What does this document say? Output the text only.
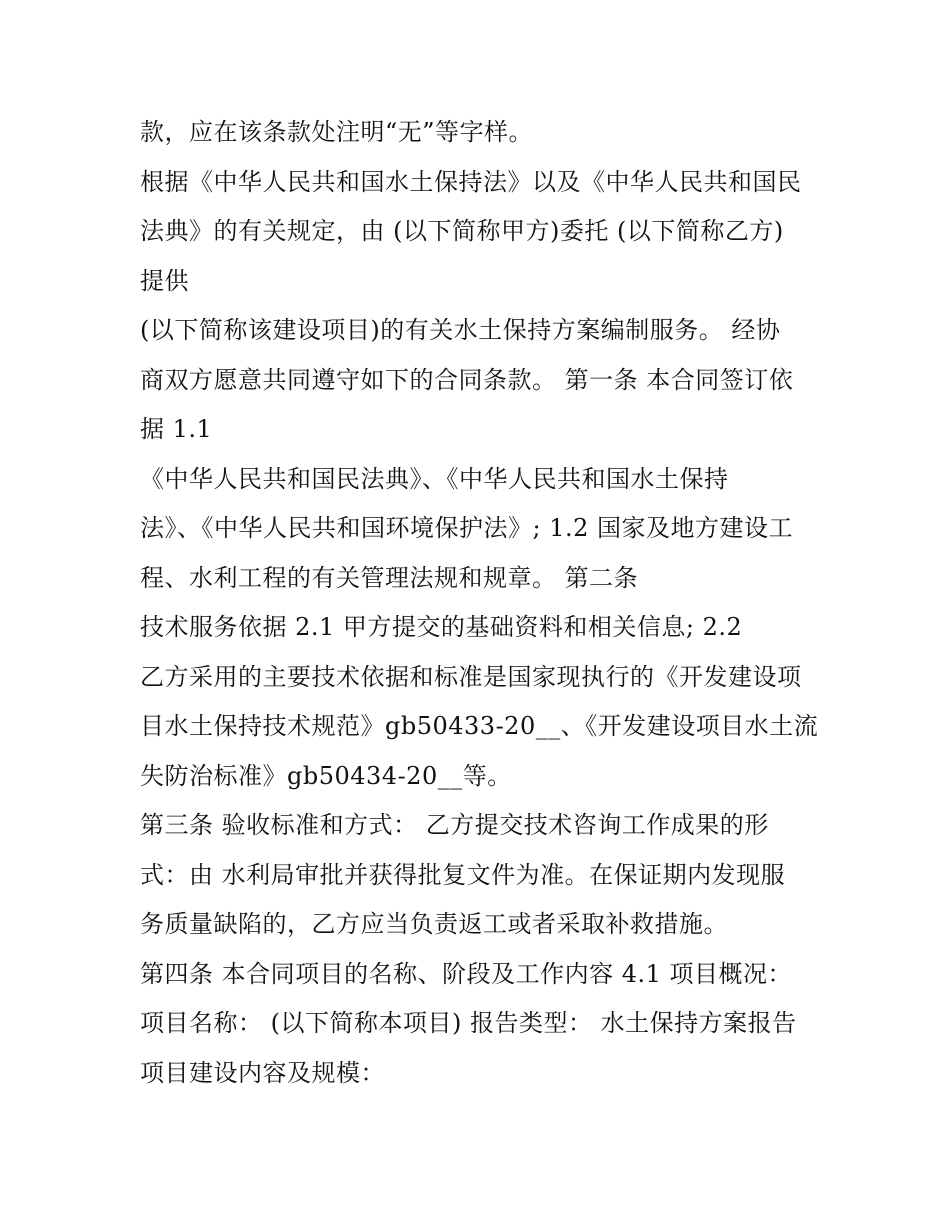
款，应在该条款处注明“无”等字样。
根据《中华人民共和国水土保持法》以及《中华人民共和国民
法典》的有关规定，由 (以下简称甲方)委托 (以下简称乙方)
提供
(以下简称该建设项目)的有关水土保持方案编制服务。 经协
商双方愿意共同遵守如下的合同条款。 第一条 本合同签订依
据 1.1
《中华人民共和国民法典》、《中华人民共和国水土保持
法》、《中华人民共和国环境保护法》; 1.2 国家及地方建设工
程、水利工程的有关管理法规和规章。 第二条
技术服务依据 2.1 甲方提交的基础资料和相关信息; 2.2
乙方采用的主要技术依据和标准是国家现执行的《开发建设项
目水土保持技术规范》gb50433-20__、《开发建设项目水土流
失防治标准》gb50434-20__等。
第三条 验收标准和方式： 乙方提交技术咨询工作成果的形
式：由 水利局审批并获得批复文件为准。在保证期内发现服
务质量缺陷的，乙方应当负责返工或者采取补救措施。
第四条 本合同项目的名称、阶段及工作内容 4.1 项目概况：
项目名称： (以下简称本项目) 报告类型： 水土保持方案报告
项目建设内容及规模：
